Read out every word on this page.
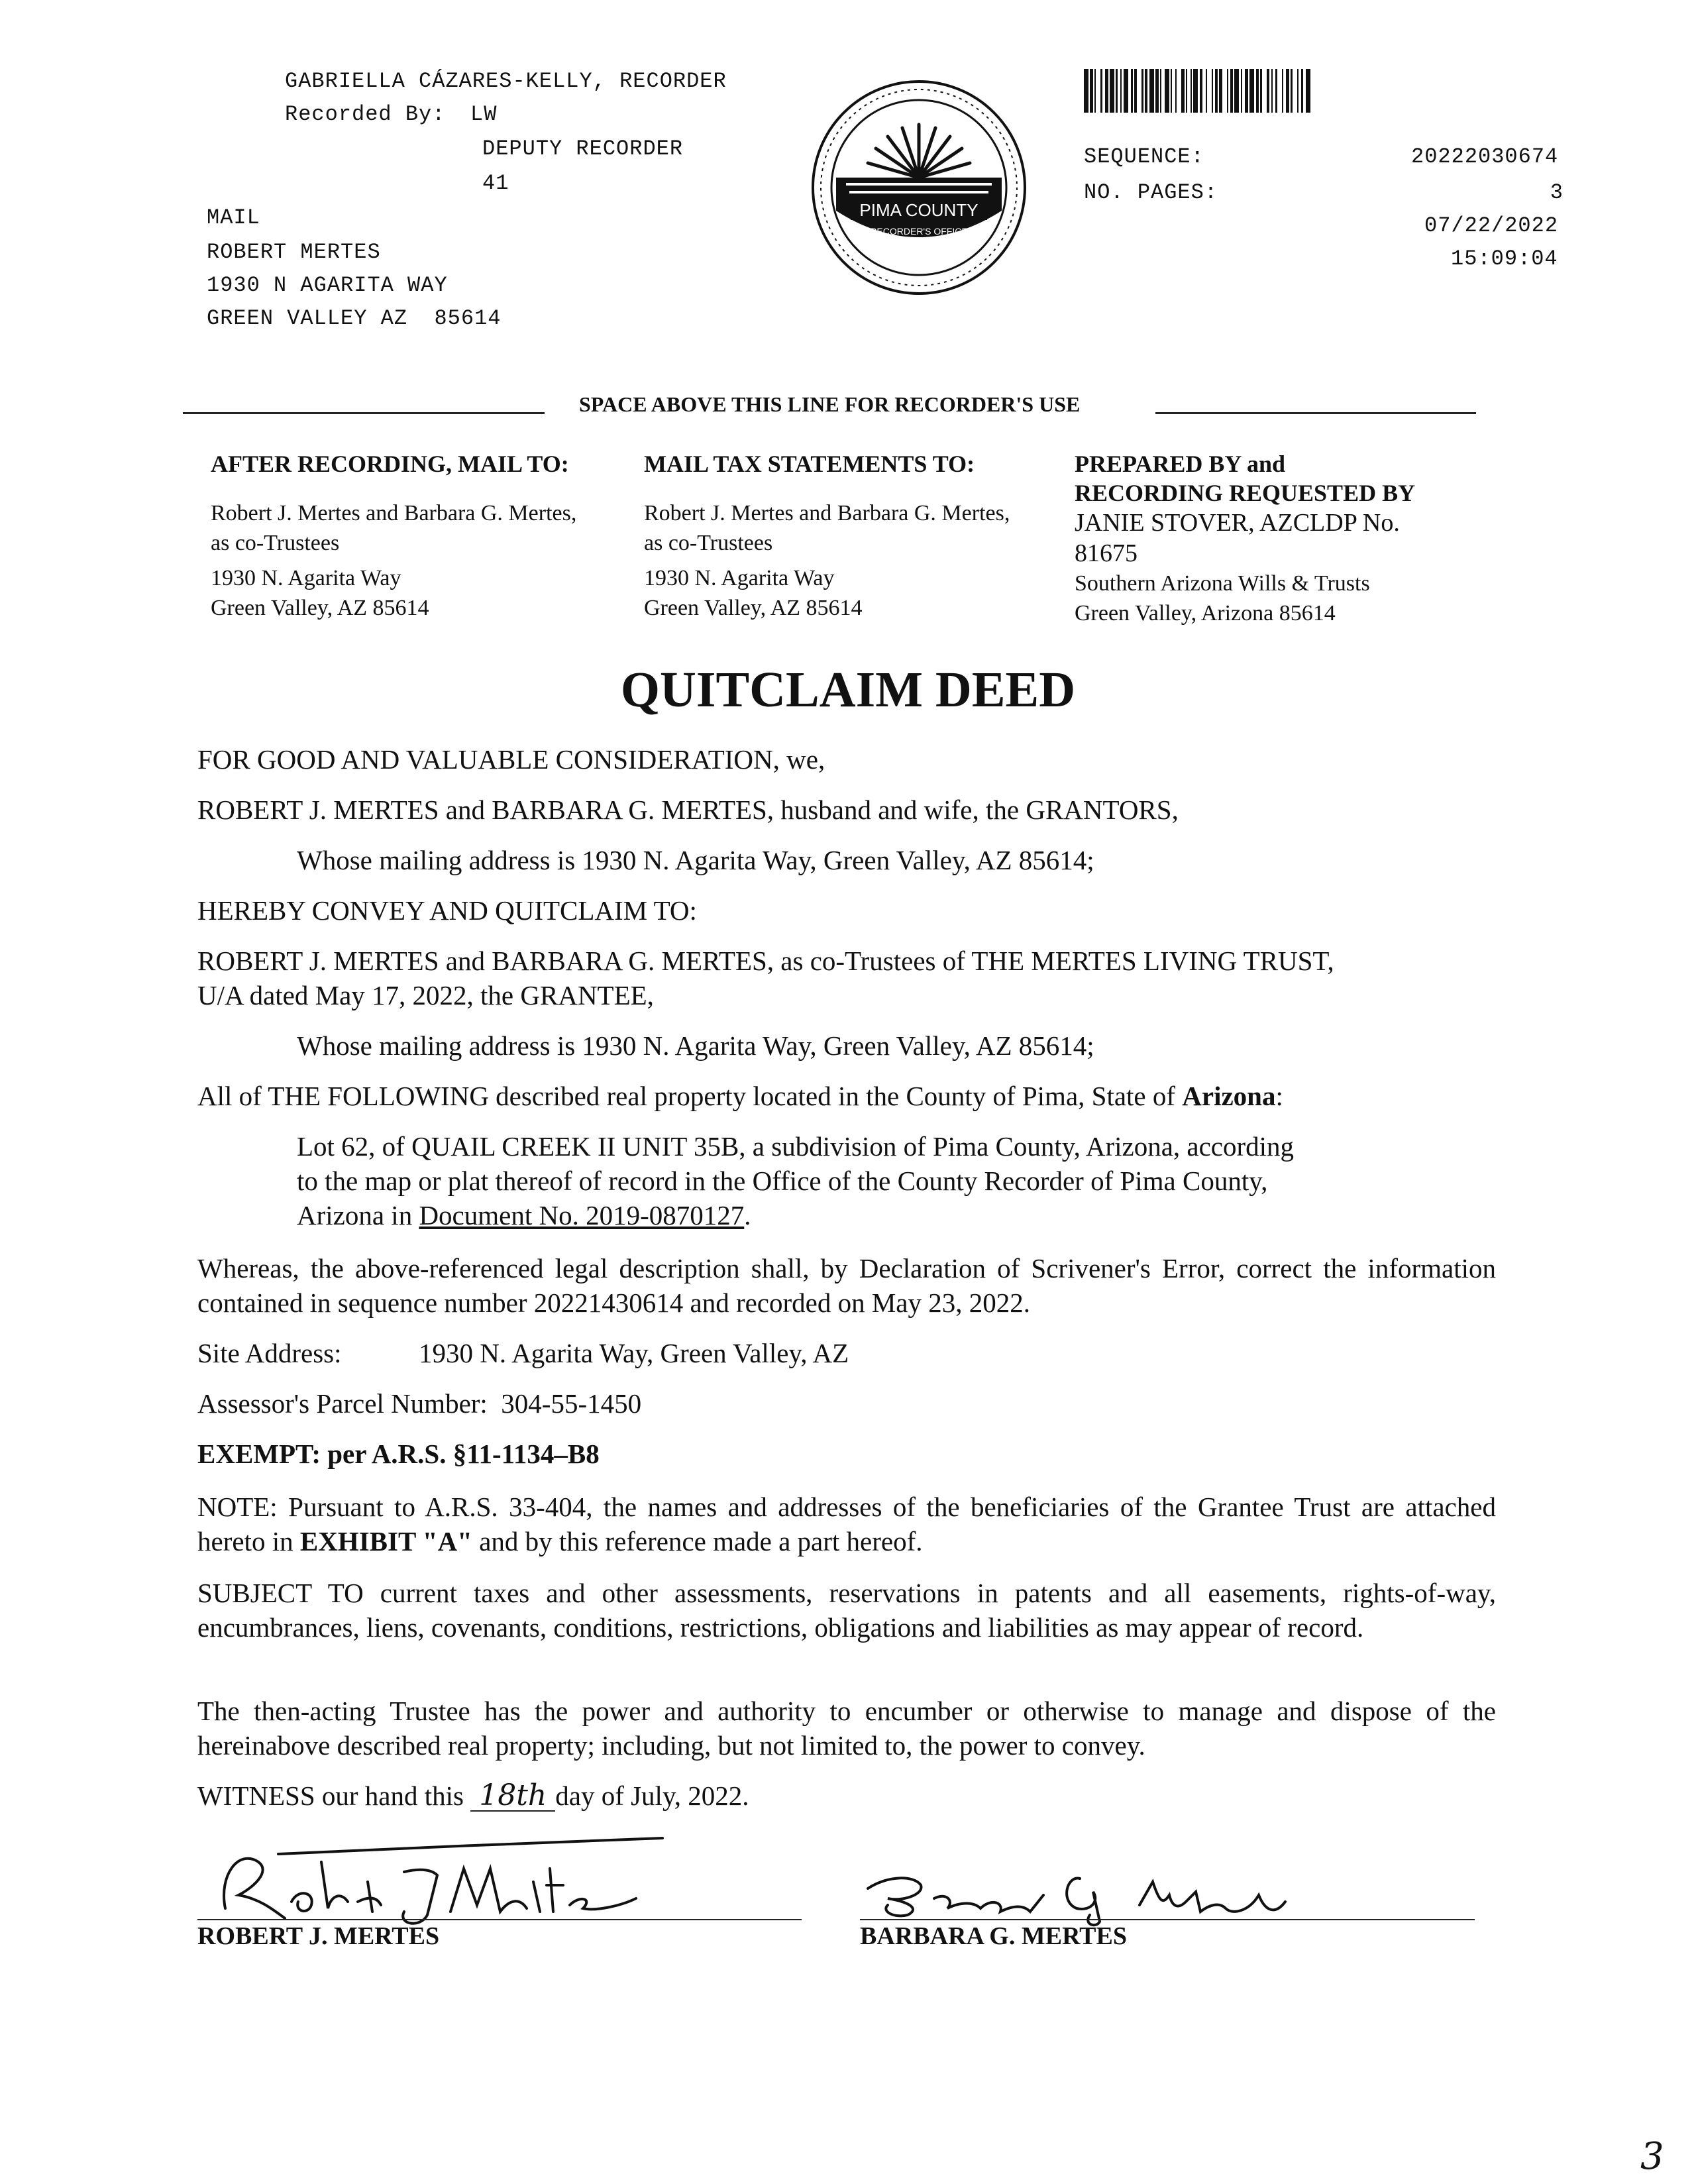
GABRIELLA CÁZARES-KELLY, RECORDER
Recorded By: LW
DEPUTY RECORDER
41
MAIL
ROBERT MERTES
1930 N AGARITA WAY
GREEN VALLEY AZ  85614
PIMA COUNTY
RECORDER'S OFFICE
SEQUENCE:	20222030674
NO. PAGES:	3
07/22/2022
15:09:04
SPACE ABOVE THIS LINE FOR RECORDER'S USE
AFTER RECORDING, MAIL TO:
Robert J. Mertes and Barbara G. Mertes,
as co-Trustees
1930 N. Agarita Way
Green Valley, AZ 85614
MAIL TAX STATEMENTS TO:
Robert J. Mertes and Barbara G. Mertes,
as co-Trustees
1930 N. Agarita Way
Green Valley, AZ 85614
PREPARED BY and
RECORDING REQUESTED BY
JANIE STOVER, AZCLDP No.
81675
Southern Arizona Wills & Trusts
Green Valley, Arizona 85614
QUITCLAIM DEED
FOR GOOD AND VALUABLE CONSIDERATION, we,
ROBERT J. MERTES and BARBARA G. MERTES, husband and wife, the GRANTORS,
Whose mailing address is 1930 N. Agarita Way, Green Valley, AZ 85614;
HEREBY CONVEY AND QUITCLAIM TO:
ROBERT J. MERTES and BARBARA G. MERTES, as co-Trustees of THE MERTES LIVING TRUST,
U/A dated May 17, 2022, the GRANTEE,
Whose mailing address is 1930 N. Agarita Way, Green Valley, AZ 85614;
All of THE FOLLOWING described real property located in the County of Pima, State of Arizona:
Lot 62, of QUAIL CREEK II UNIT 35B, a subdivision of Pima County, Arizona, according
to the map or plat thereof of record in the Office of the County Recorder of Pima County,
Arizona in Document No. 2019-0870127.
Whereas, the above-referenced legal description shall, by Declaration of Scrivener's Error, correct the information contained in sequence number 20221430614 and recorded on May 23, 2022.
Site Address:	1930 N. Agarita Way, Green Valley, AZ
Assessor's Parcel Number:  304-55-1450
EXEMPT: per A.R.S. §11-1134–B8
NOTE: Pursuant to A.R.S. 33-404, the names and addresses of the beneficiaries of the Grantee Trust are attached hereto in EXHIBIT "A" and by this reference made a part hereof.
SUBJECT TO current taxes and other assessments, reservations in patents and all easements, rights-of-way, encumbrances, liens, covenants, conditions, restrictions, obligations and liabilities as may appear of record.
The then-acting Trustee has the power and authority to encumber or otherwise to manage and dispose of the hereinabove described real property; including, but not limited to, the power to convey.
WITNESS our hand this 18th day of July, 2022.
ROBERT J. MERTES	BARBARA G. MERTES
3
